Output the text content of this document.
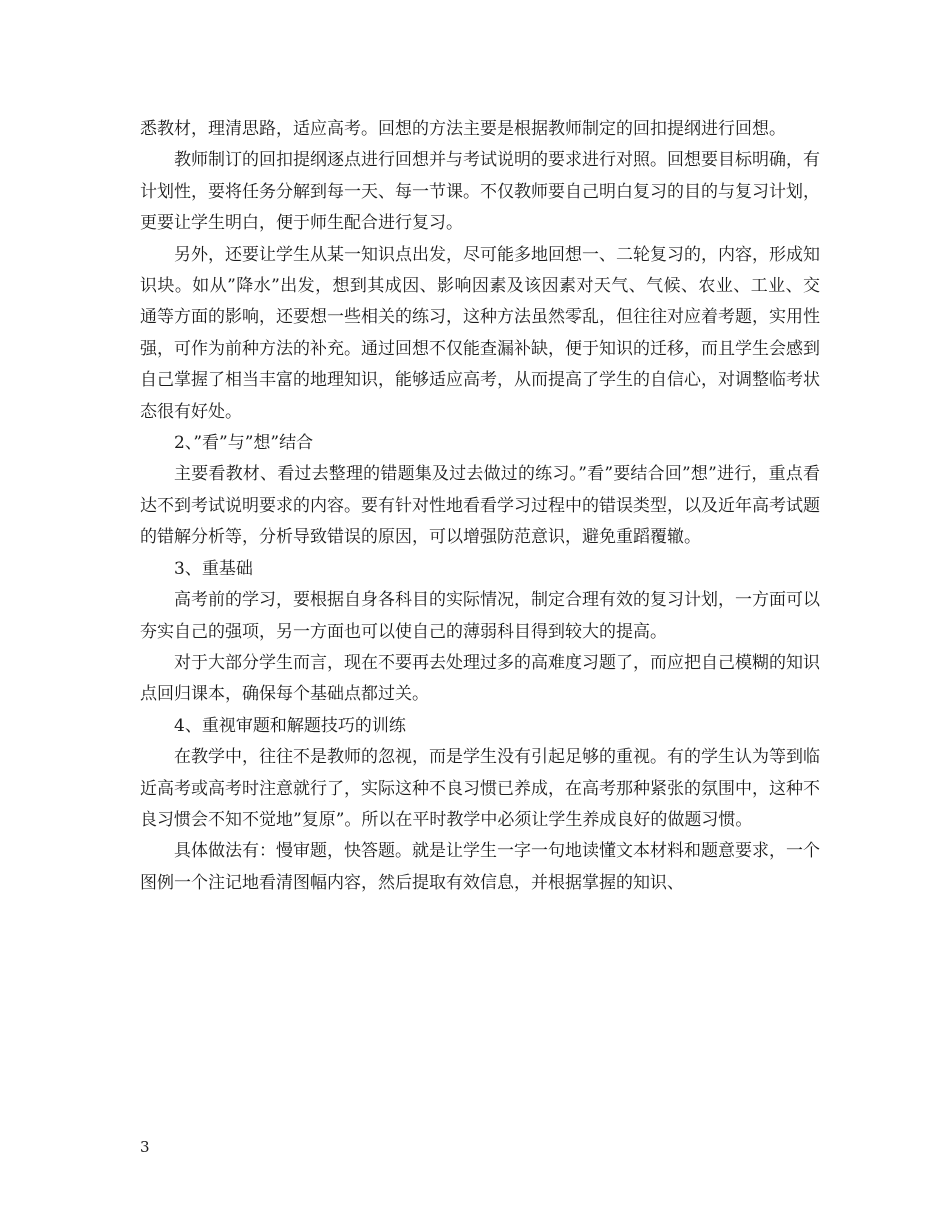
悉教材，理清思路，适应高考。回想的方法主要是根据教师制定的回扣提纲进行回想。

教师制订的回扣提纲逐点进行回想并与考试说明的要求进行对照。回想要目标明确，有计划性，要将任务分解到每一天、每一节课。不仅教师要自己明白复习的目的与复习计划，更要让学生明白，便于师生配合进行复习。

另外，还要让学生从某一知识点出发，尽可能多地回想一、二轮复习的，内容，形成知识块。如从”降水”出发，想到其成因、影响因素及该因素对天气、气候、农业、工业、交通等方面的影响，还要想一些相关的练习，这种方法虽然零乱，但往往对应着考题，实用性强，可作为前种方法的补充。通过回想不仅能查漏补缺，便于知识的迁移，而且学生会感到自己掌握了相当丰富的地理知识，能够适应高考，从而提高了学生的自信心，对调整临考状态很有好处。

2、”看”与”想”结合

主要看教材、看过去整理的错题集及过去做过的练习。”看”要结合回”想”进行，重点看达不到考试说明要求的内容。要有针对性地看看学习过程中的错误类型，以及近年高考试题的错解分析等，分析导致错误的原因，可以增强防范意识，避免重蹈覆辙。

3、重基础

高考前的学习，要根据自身各科目的实际情况，制定合理有效的复习计划，一方面可以夯实自己的强项，另一方面也可以使自己的薄弱科目得到较大的提高。

对于大部分学生而言，现在不要再去处理过多的高难度习题了，而应把自己模糊的知识点回归课本，确保每个基础点都过关。

4、重视审题和解题技巧的训练

在教学中，往往不是教师的忽视，而是学生没有引起足够的重视。有的学生认为等到临近高考或高考时注意就行了，实际这种不良习惯已养成，在高考那种紧张的氛围中，这种不良习惯会不知不觉地”复原”。所以在平时教学中必须让学生养成良好的做题习惯。

具体做法有：慢审题，快答题。就是让学生一字一句地读懂文本材料和题意要求，一个图例一个注记地看清图幅内容，然后提取有效信息，并根据掌握的知识、

3
